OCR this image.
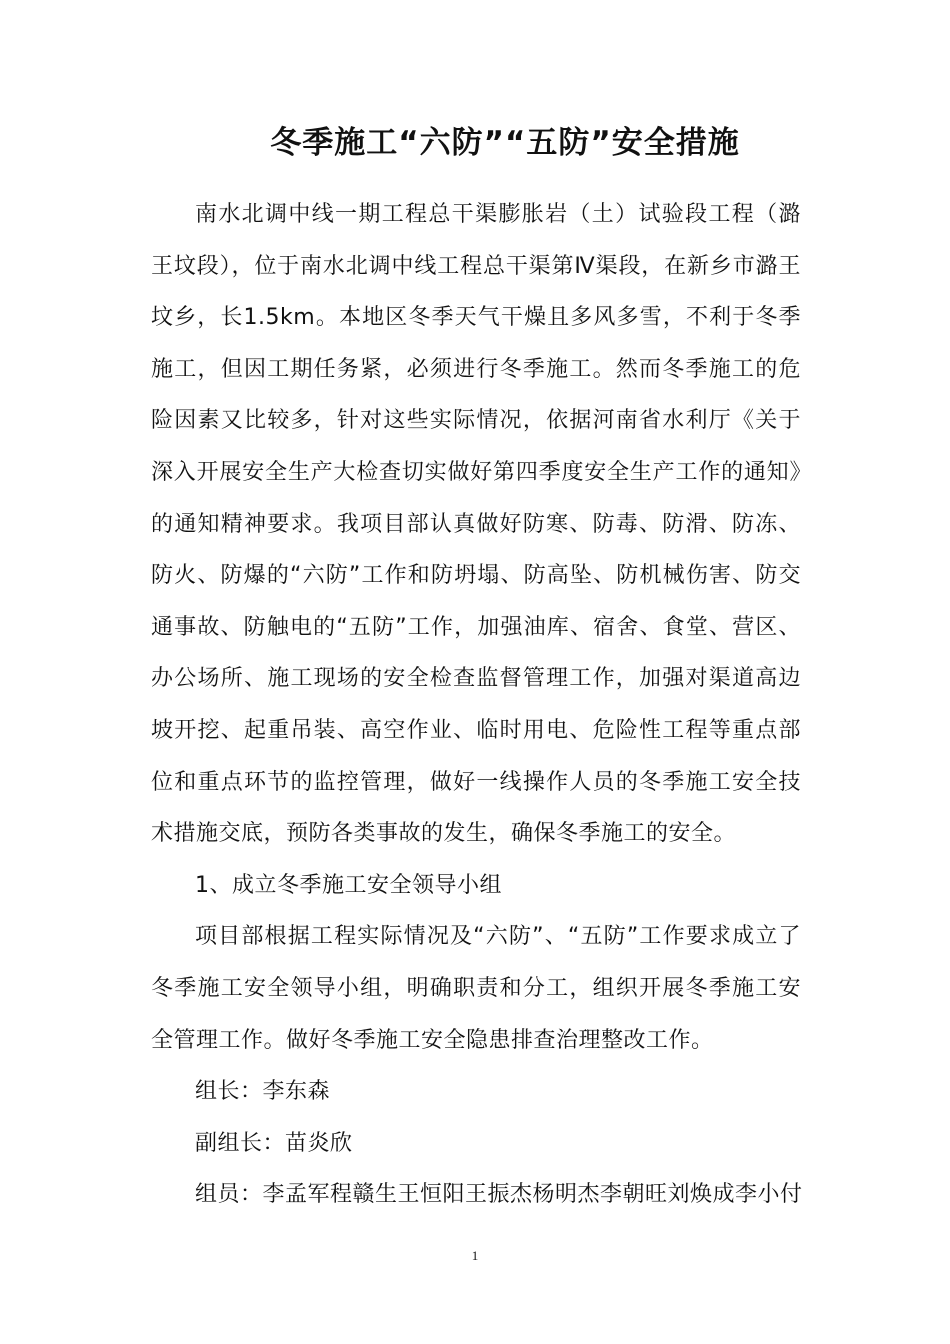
冬季施工“六防”“五防”安全措施

南水北调中线一期工程总干渠膨胀岩（土）试验段工程（潞王坟段），位于南水北调中线工程总干渠第Ⅳ渠段，在新乡市潞王坟乡，长1.5km。本地区冬季天气干燥且多风多雪，不利于冬季施工，但因工期任务紧，必须进行冬季施工。然而冬季施工的危险因素又比较多，针对这些实际情况，依据河南省水利厅《关于深入开展安全生产大检查切实做好第四季度安全生产工作的通知》的通知精神要求。我项目部认真做好防寒、防毒、防滑、防冻、防火、防爆的“六防”工作和防坍塌、防高坠、防机械伤害、防交通事故、防触电的“五防”工作，加强油库、宿舍、食堂、营区、办公场所、施工现场的安全检查监督管理工作，加强对渠道高边坡开挖、起重吊装、高空作业、临时用电、危险性工程等重点部位和重点环节的监控管理，做好一线操作人员的冬季施工安全技术措施交底，预防各类事故的发生，确保冬季施工的安全。

1、成立冬季施工安全领导小组

项目部根据工程实际情况及“六防”、“五防”工作要求成立了冬季施工安全领导小组，明确职责和分工，组织开展冬季施工安全管理工作。做好冬季施工安全隐患排查治理整改工作。

组长：李东森

副组长：苗炎欣

组员：李孟军程赣生王恒阳王振杰杨明杰李朝旺刘焕成李小付

1
